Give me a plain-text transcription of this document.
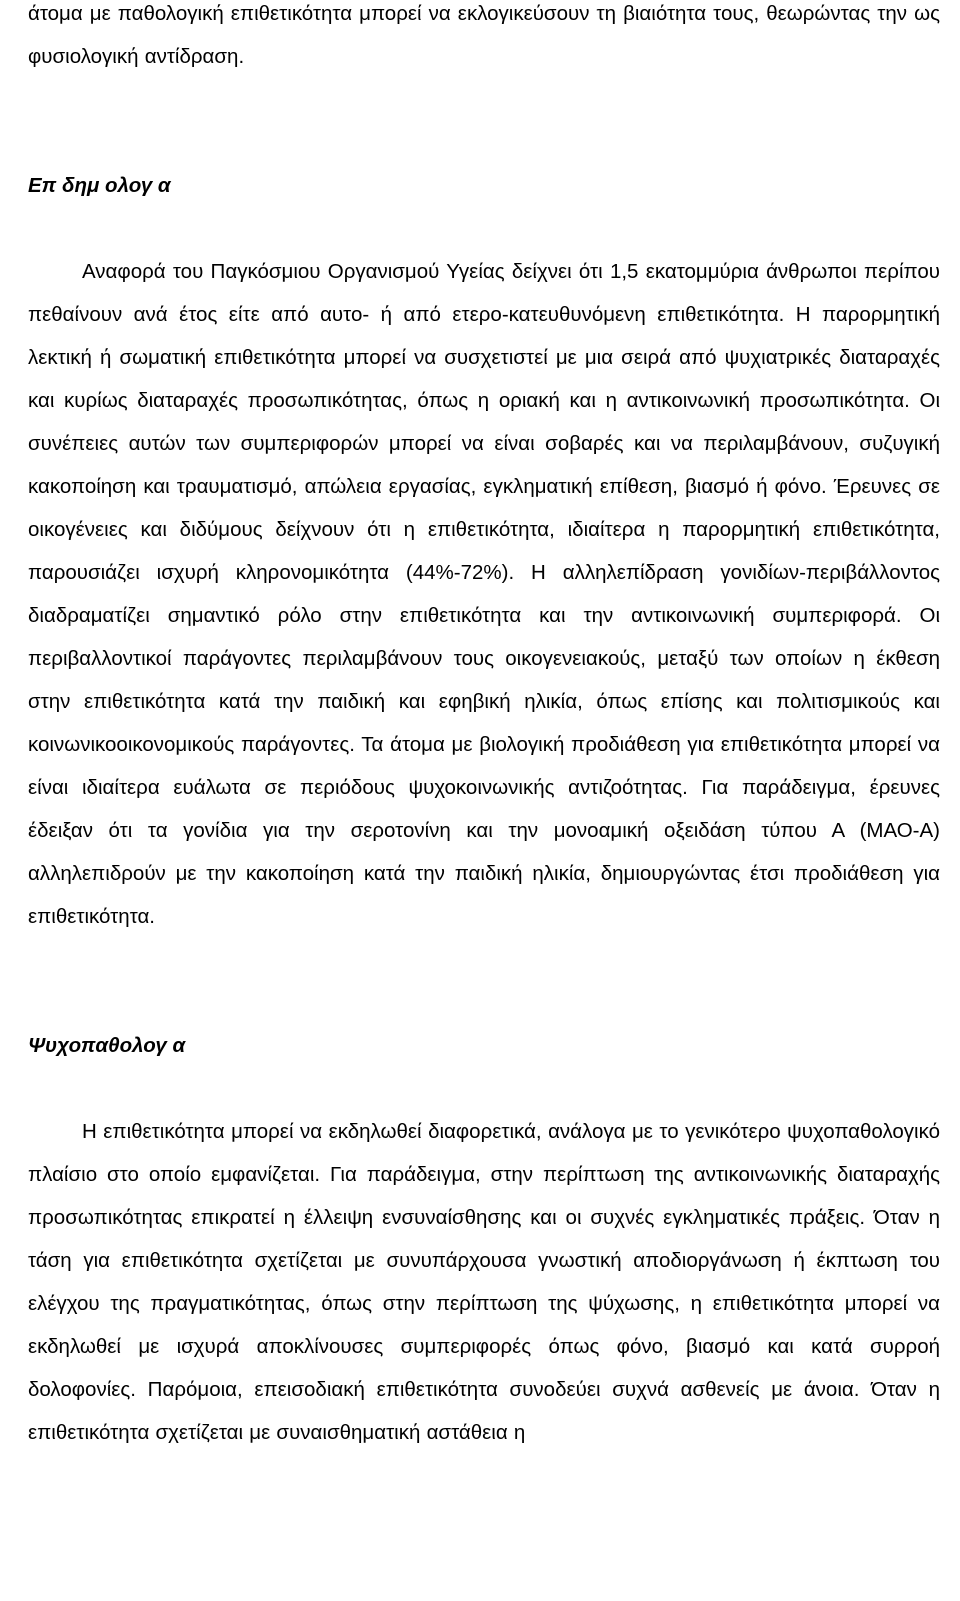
άτομα με παθολογική επιθετικότητα μπορεί να εκλογικεύσουν τη βιαιότητα τους, θεωρώντας την ως φυσιολογική αντίδραση.

Επ δημ ολογ α

Αναφορά του Παγκόσμιου Οργανισμού Υγείας δείχνει ότι 1,5 εκατομμύρια άνθρωποι περίπου πεθαίνουν ανά έτος είτε από αυτο- ή από ετερο-κατευθυνόμενη επιθετικότητα. Η παρορμητική λεκτική ή σωματική επιθετικότητα μπορεί να συσχετιστεί με μια σειρά από ψυχιατρικές διαταραχές και κυρίως διαταραχές προσωπικότητας, όπως η οριακή και η αντικοινωνική προσωπικότητα. Οι συνέπειες αυτών των συμπεριφορών μπορεί να είναι σοβαρές και να περιλαμβάνουν, συζυγική κακοποίηση και τραυματισμό, απώλεια εργασίας, εγκληματική επίθεση, βιασμό ή φόνο. Έρευνες σε οικογένειες και διδύμους δείχνουν ότι η επιθετικότητα, ιδιαίτερα η παρορμητική επιθετικότητα, παρουσιάζει ισχυρή κληρονομικότητα (44%-72%). Η αλληλεπίδραση γονιδίων-περιβάλλοντος διαδραματίζει σημαντικό ρόλο στην επιθετικότητα και την αντικοινωνική συμπεριφορά. Οι περιβαλλοντικοί παράγοντες περιλαμβάνουν τους οικογενειακούς, μεταξύ των οποίων η έκθεση στην επιθετικότητα κατά την παιδική και εφηβική ηλικία, όπως επίσης και πολιτισμικούς και κοινωνικοοικονομικούς παράγοντες. Τα άτομα με βιολογική προδιάθεση για επιθετικότητα μπορεί να είναι ιδιαίτερα ευάλωτα σε περιόδους ψυχοκοινωνικής αντιζοότητας. Για παράδειγμα, έρευνες έδειξαν ότι τα γονίδια για την σεροτονίνη και την μονοαμική οξειδάση τύπου Α (ΜΑΟ-Α) αλληλεπιδρούν με την κακοποίηση κατά την παιδική ηλικία, δημιουργώντας έτσι προδιάθεση για επιθετικότητα.

Ψυχοπαθολογ α

Η επιθετικότητα μπορεί να εκδηλωθεί διαφορετικά, ανάλογα με το γενικότερο ψυχοπαθολογικό πλαίσιο στο οποίο εμφανίζεται. Για παράδειγμα, στην περίπτωση της αντικοινωνικής διαταραχής προσωπικότητας επικρατεί η έλλειψη ενσυναίσθησης και οι συχνές εγκληματικές πράξεις. Όταν η τάση για επιθετικότητα σχετίζεται με συνυπάρχουσα γνωστική αποδιοργάνωση ή έκπτωση του ελέγχου της πραγματικότητας, όπως στην περίπτωση της ψύχωσης, η επιθετικότητα μπορεί να εκδηλωθεί με ισχυρά αποκλίνουσες συμπεριφορές όπως φόνο, βιασμό και κατά συρροή δολοφονίες. Παρόμοια, επεισοδιακή επιθετικότητα συνοδεύει συχνά ασθενείς με άνοια. Όταν η επιθετικότητα σχετίζεται με συναισθηματική αστάθεια η
